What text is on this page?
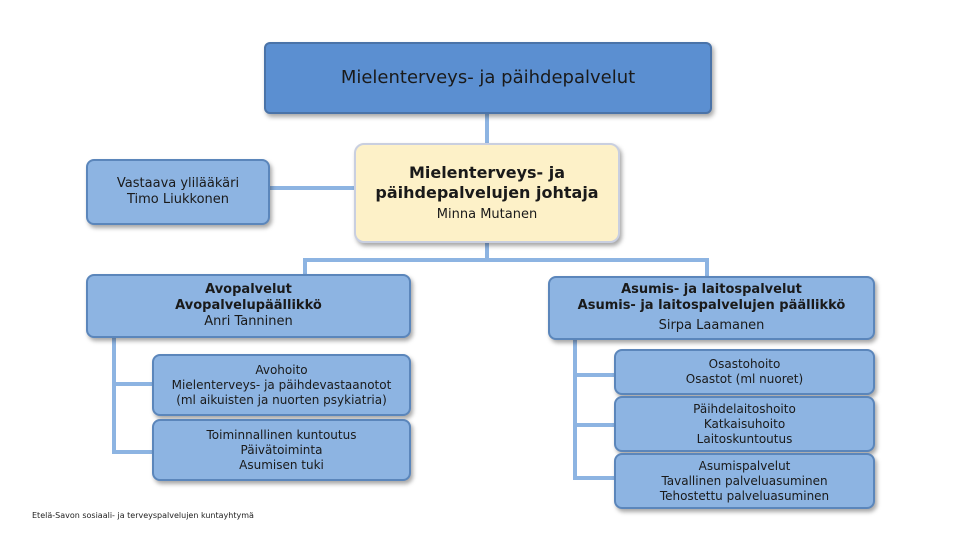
Mielenterveys- ja päihdepalvelut
Mielenterveys- ja
päihdepalvelujen johtaja
Minna Mutanen
Vastaava ylilääkäri
Timo Liukkonen
Avopalvelut
Avopalvelupäällikkö
Anri Tanninen
Avohoito
Mielenterveys- ja päihdevastaanotot
(ml aikuisten ja nuorten psykiatria)
Toiminnallinen kuntoutus
Päivätoiminta
Asumisen tuki
Asumis- ja laitospalvelut
Asumis- ja laitospalvelujen päällikkö
Sirpa Laamanen
Osastohoito
Osastot (ml nuoret)
Päihdelaitoshoito
Katkaisuhoito
Laitoskuntoutus
Asumispalvelut
Tavallinen palveluasuminen
Tehostettu palveluasuminen
Etelä-Savon sosiaali- ja terveyspalvelujen kuntayhtymä
